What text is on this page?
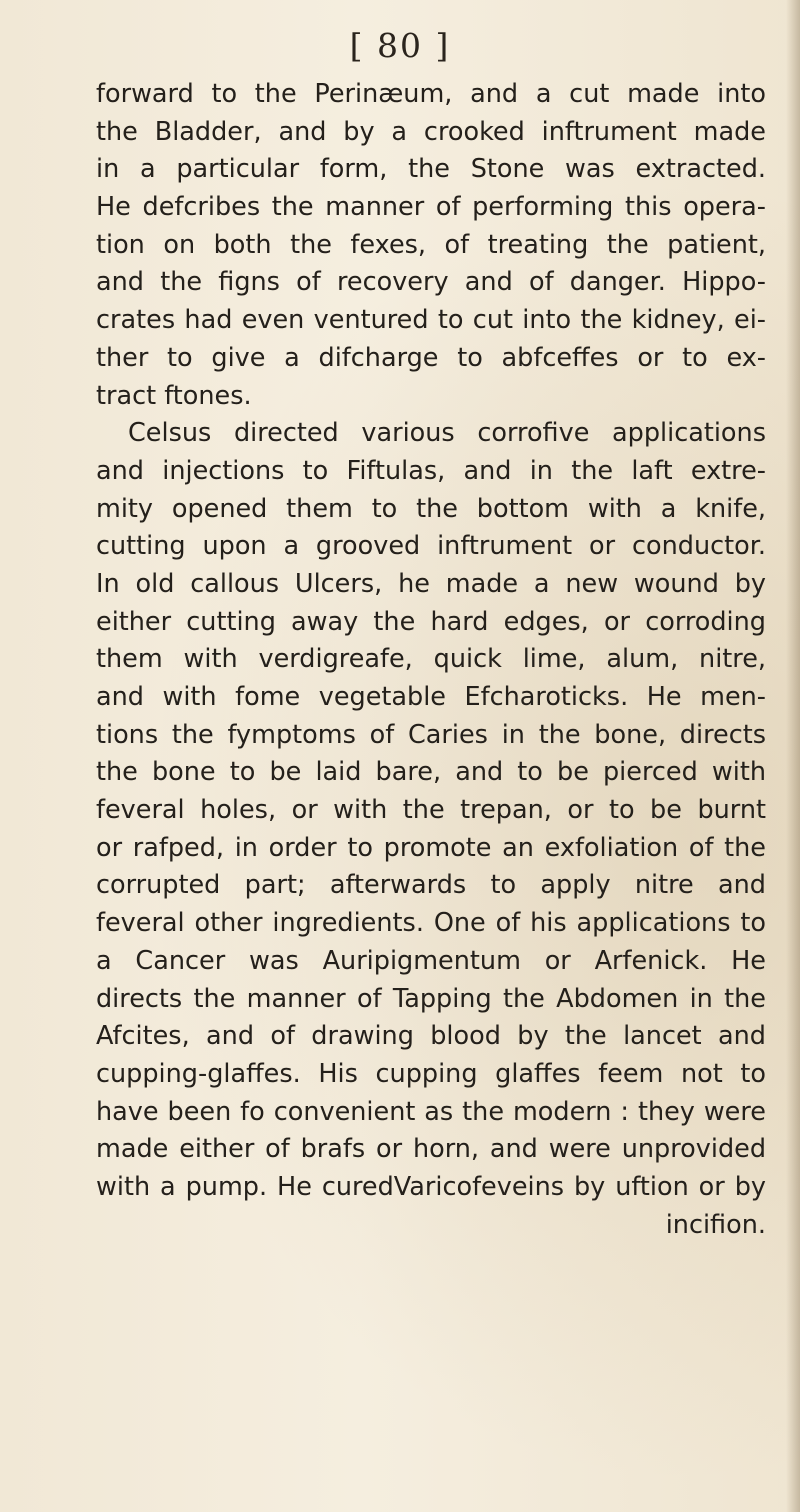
[ 80 ]
forward to the Perinæum, and a cut made into
the Bladder, and by a crooked inftrument made
in a particular form, the Stone was extracted.
He defcribes the manner of performing this opera-
tion on both the fexes, of treating the patient,
and the figns of recovery and of danger. Hippo-
crates had even ventured to cut into the kidney, ei-
ther to give a difcharge to abfceffes or to ex-
tract ftones.
Celsus directed various corrofive applications
and injections to Fiftulas, and in the laft extre-
mity opened them to the bottom with a knife,
cutting upon a grooved inftrument or conductor.
In old callous Ulcers, he made a new wound by
either cutting away the hard edges, or corroding
them with verdigreafe, quick lime, alum, nitre,
and with fome vegetable Efcharoticks. He men-
tions the fymptoms of Caries in the bone, directs
the bone to be laid bare, and to be pierced with
feveral holes, or with the trepan, or to be burnt
or rafped, in order to promote an exfoliation of the
corrupted part; afterwards to apply nitre and
feveral other ingredients. One of his applications to
a Cancer was Auripigmentum or Arfenick. He
directs the manner of Tapping the Abdomen in the
Afcites, and of drawing blood by the lancet and
cupping-glaffes. His cupping glaffes feem not to
have been fo convenient as the modern : they were
made either of brafs or horn, and were unprovided
with a pump. He curedVaricofeveins by uftion or by
incifion.
